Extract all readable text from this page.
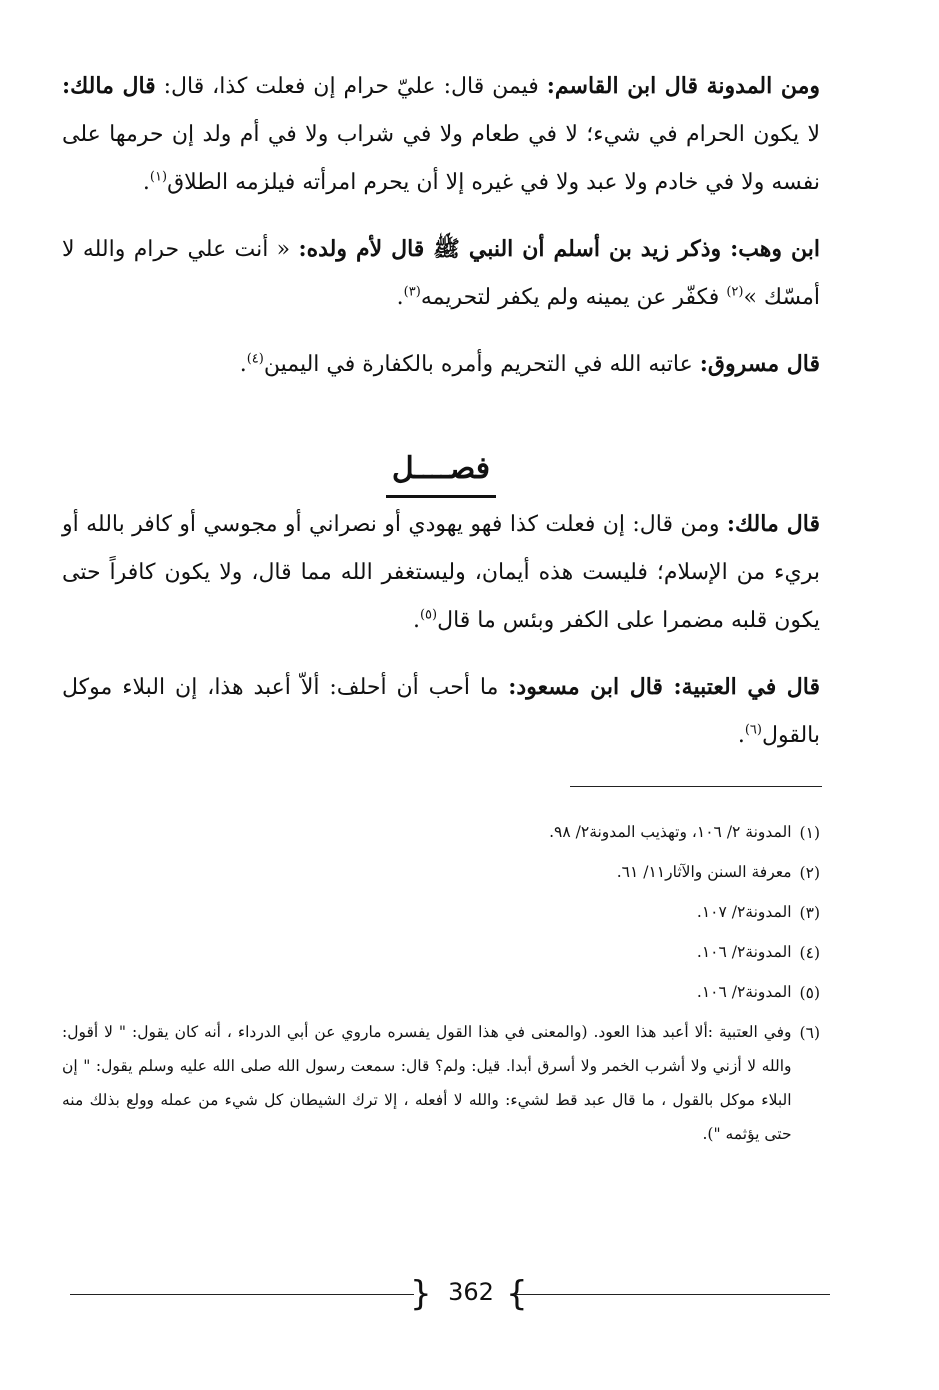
ومن المدونة قال ابن القاسم: فيمن قال: عليّ حرام إن فعلت كذا، قال: قال مالك: لا يكون الحرام في شيء؛ لا في طعام ولا في شراب ولا في أم ولد إن حرمها على نفسه ولا في خادم ولا عبد ولا في غيره إلا أن يحرم امرأته فيلزمه الطلاق$^{(١)}$.

ابن وهب: وذكر زيد بن أسلم أن النبي ﷺ قال لأم ولده: « أنت علي حرام والله لا أمسّك »$^{(٢)}$ فكفّر عن يمينه ولم يكفر لتحريمه$^{(٣)}$.

قال مسروق: عاتبه الله في التحريم وأمره بالكفارة في اليمين$^{(٤)}$.

فصــــل

قال مالك: ومن قال: إن فعلت كذا فهو يهودي أو نصراني أو مجوسي أو كافر بالله أو بريء من الإسلام؛ فليست هذه أيمان، وليستغفر الله مما قال، ولا يكون كافراً حتى يكون قلبه مضمرا على الكفر وبئس ما قال$^{(٥)}$.

قال في العتبية: قال ابن مسعود: ما أحب أن أحلف: ألاّ أعبد هذا، إن البلاء موكل بالقول$^{(٦)}$.

(١)
المدونة ٢/ ١٠٦، وتهذيب المدونة٢/ ٩٨.
(٢)
معرفة السنن والآثار١١/ ٦١.
(٣)
المدونة٢/ ١٠٧.
(٤)
المدونة٢/ ١٠٦.
(٥)
المدونة٢/ ١٠٦.
(٦)
وفي العتبية :ألا أعبد هذا العود. (والمعنى في هذا القول يفسره ماروي عن أبي الدرداء ، أنه كان يقول: " لا أقول: والله لا أزني ولا أشرب الخمر ولا أسرق أبدا. قيل: ولم؟ قال: سمعت رسول الله صلى الله عليه وسلم يقول: " إن البلاء موكل بالقول ، ما قال عبد قط لشيء: والله لا أفعله ، إلا ترك الشيطان كل شيء من عمله وولع بذلك منه حتى يؤثمه ").
{ 362 }
